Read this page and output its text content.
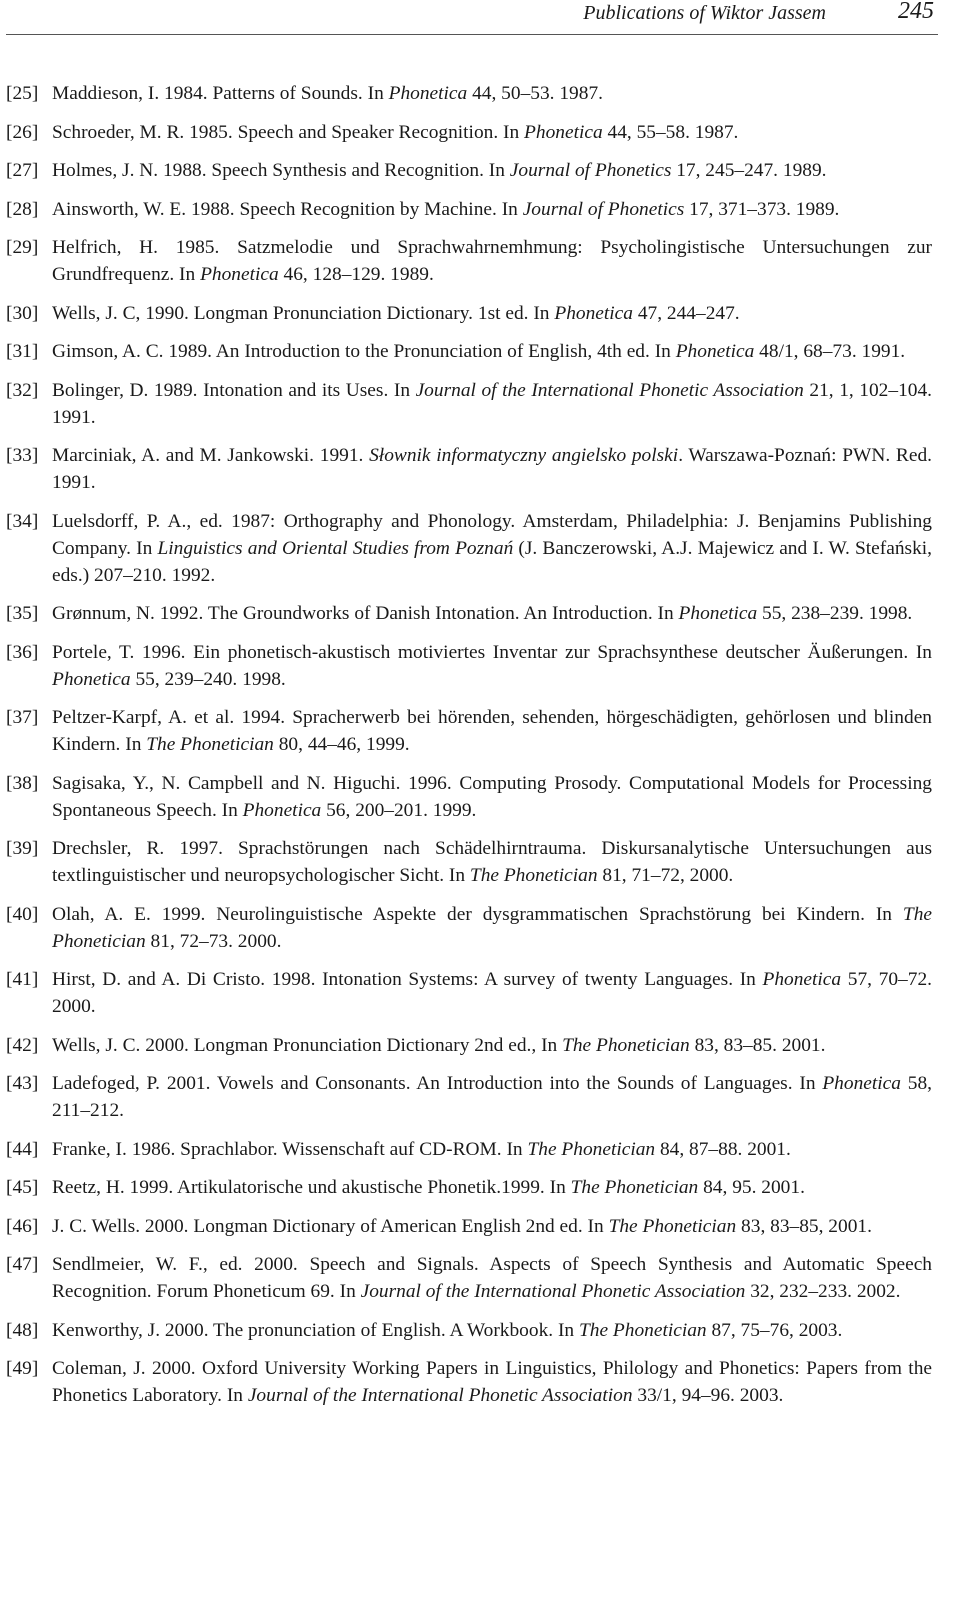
Publications of Wiktor Jassem	245
[25] Maddieson, I. 1984. Patterns of Sounds. In Phonetica 44, 50–53. 1987.
[26] Schroeder, M. R. 1985. Speech and Speaker Recognition. In Phonetica 44, 55–58. 1987.
[27] Holmes, J. N. 1988. Speech Synthesis and Recognition. In Journal of Phonetics 17, 245–247. 1989.
[28] Ainsworth, W. E. 1988. Speech Recognition by Machine. In Journal of Phonetics 17, 371–373. 1989.
[29] Helfrich, H. 1985. Satzmelodie und Sprachwahrnemhmung: Psycholingistische Untersuchungen zur Grundfrequenz. In Phonetica 46, 128–129. 1989.
[30] Wells, J. C, 1990. Longman Pronunciation Dictionary. 1st ed. In Phonetica 47, 244–247.
[31] Gimson, A. C. 1989. An Introduction to the Pronunciation of English, 4th ed. In Phonetica 48/1, 68–73. 1991.
[32] Bolinger, D. 1989. Intonation and its Uses. In Journal of the International Phonetic Association 21, 1, 102–104. 1991.
[33] Marciniak, A. and M. Jankowski. 1991. Słownik informatyczny angielsko polski. Warszawa-Poznań: PWN. Red. 1991.
[34] Luelsdorff, P. A., ed. 1987: Orthography and Phonology. Amsterdam, Philadelphia: J. Benjamins Publishing Company. In Linguistics and Oriental Studies from Poznań (J. Banczerowski, A.J. Majewicz and I. W. Stefański, eds.) 207–210. 1992.
[35] Grønnum, N. 1992. The Groundworks of Danish Intonation. An Introduction. In Phonetica 55, 238–239. 1998.
[36] Portele, T. 1996. Ein phonetisch-akustisch motiviertes Inventar zur Sprachsynthese deutscher Äußerungen. In Phonetica 55, 239–240. 1998.
[37] Peltzer-Karpf, A. et al. 1994. Spracherwerb bei hörenden, sehenden, hörgeschädigten, gehörlosen und blinden Kindern. In The Phonetician 80, 44–46, 1999.
[38] Sagisaka, Y., N. Campbell and N. Higuchi. 1996. Computing Prosody. Computational Models for Processing Spontaneous Speech. In Phonetica 56, 200–201. 1999.
[39] Drechsler, R. 1997. Sprachstörungen nach Schädelhirntrauma. Diskursanalytische Untersuchungen aus textlinguistischer und neuropsychologischer Sicht. In The Phonetician 81, 71–72, 2000.
[40] Olah, A. E. 1999. Neurolinguistische Aspekte der dysgrammatischen Sprachstörung bei Kindern. In The Phonetician 81, 72–73. 2000.
[41] Hirst, D. and A. Di Cristo. 1998. Intonation Systems: A survey of twenty Languages. In Phonetica 57, 70–72. 2000.
[42] Wells, J. C. 2000. Longman Pronunciation Dictionary 2nd ed., In The Phonetician 83, 83–85. 2001.
[43] Ladefoged, P. 2001. Vowels and Consonants. An Introduction into the Sounds of Languages. In Phonetica 58, 211–212.
[44] Franke, I. 1986. Sprachlabor. Wissenschaft auf CD-ROM. In The Phonetician 84, 87–88. 2001.
[45] Reetz, H. 1999. Artikulatorische und akustische Phonetik.1999. In The Phonetician 84, 95. 2001.
[46] J. C. Wells. 2000. Longman Dictionary of American English 2nd ed. In The Phonetician 83, 83–85, 2001.
[47] Sendlmeier, W. F., ed. 2000. Speech and Signals. Aspects of Speech Synthesis and Automatic Speech Recognition. Forum Phoneticum 69. In Journal of the International Phonetic Association 32, 232–233. 2002.
[48] Kenworthy, J. 2000. The pronunciation of English. A Workbook. In The Phonetician 87, 75–76, 2003.
[49] Coleman, J. 2000. Oxford University Working Papers in Linguistics, Philology and Phonetics: Papers from the Phonetics Laboratory. In Journal of the International Phonetic Association 33/1, 94–96. 2003.
